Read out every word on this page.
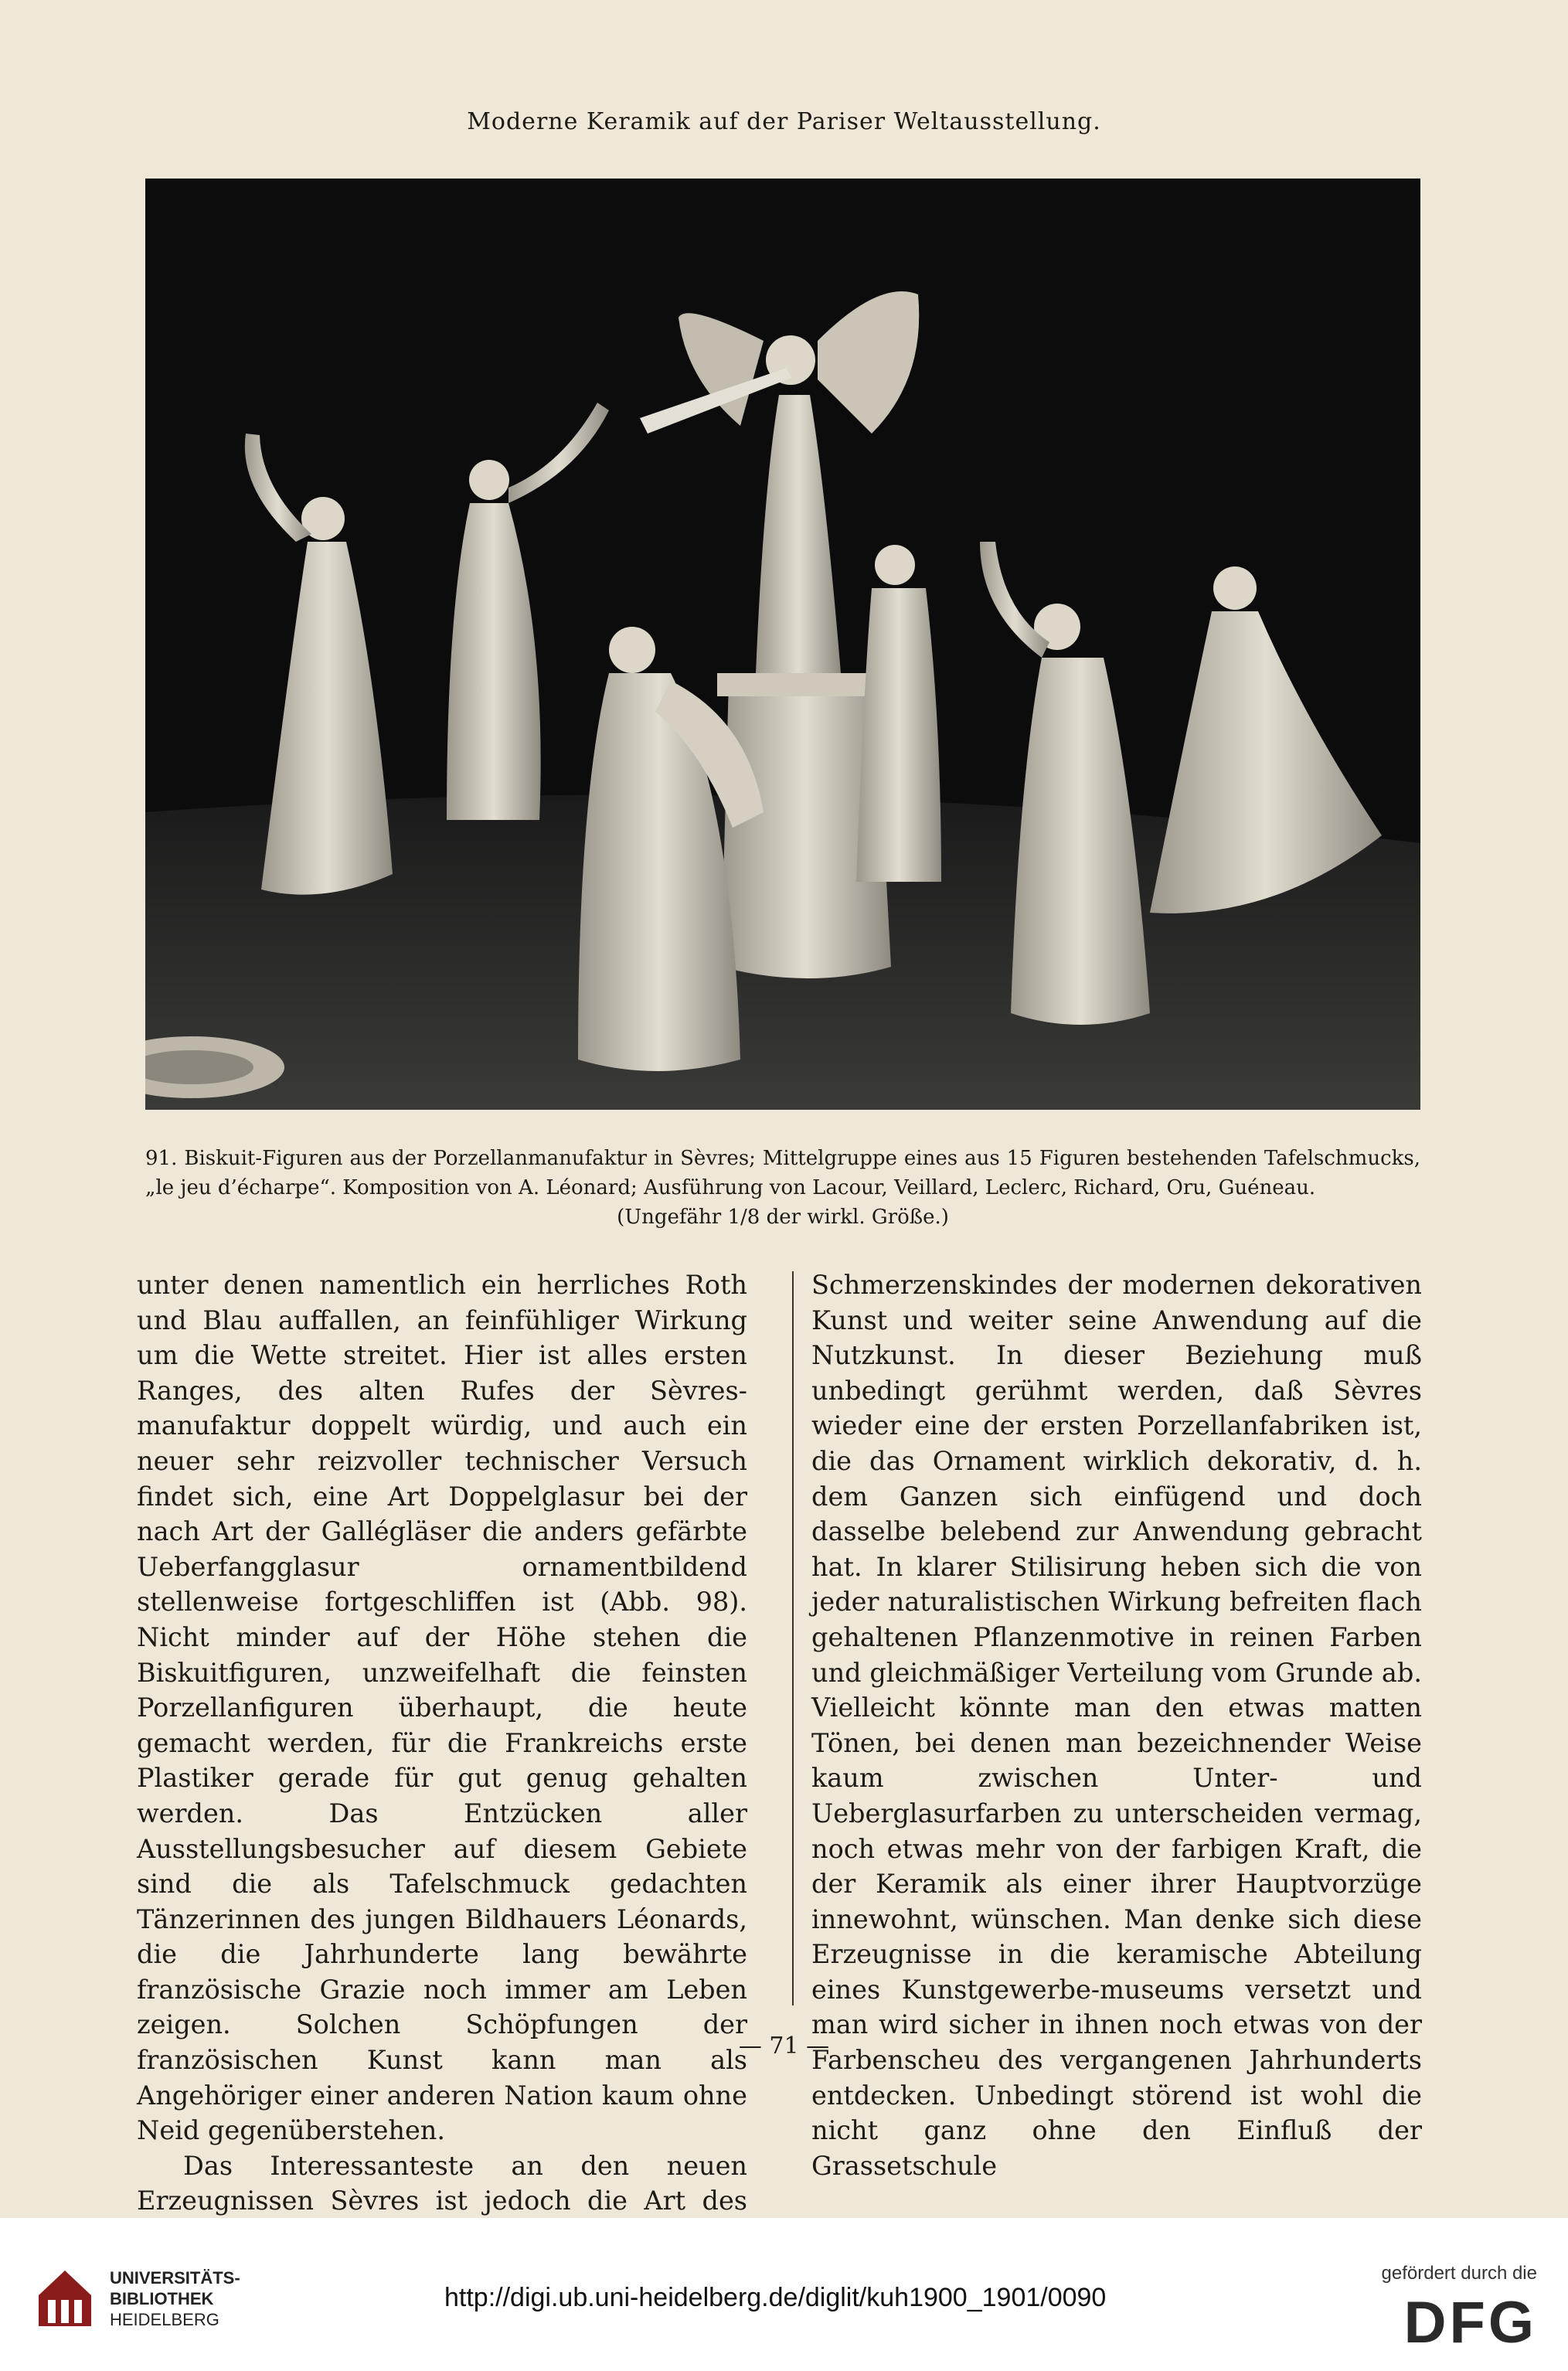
Moderne Keramik auf der Pariser Weltausstellung.
91. Biskuit-Figuren aus der Porzellanmanufaktur in Sèvres; Mittelgruppe eines aus 15 Figuren bestehenden Tafelschmucks, „le jeu d’écharpe“. Komposition von A. Léonard; Ausführung von Lacour, Veillard, Leclerc, Richard, Oru, Guéneau.
(Ungefähr 1/8 der wirkl. Größe.)

unter denen namentlich ein herrliches Roth und Blau auffallen, an feinfühliger Wirkung um die Wette streitet. Hier ist alles ersten Ranges, des alten Rufes der Sèvres-manufaktur doppelt würdig, und auch ein neuer sehr reizvoller technischer Versuch findet sich, eine Art Doppelglasur bei der nach Art der Gallégläser die anders gefärbte Ueberfangglasur ornamentbildend stellenweise fortgeschliffen ist (Abb. 98). Nicht minder auf der Höhe stehen die Biskuitfiguren, unzweifelhaft die feinsten Porzellanfiguren überhaupt, die heute gemacht werden, für die Frankreichs erste Plastiker gerade für gut genug gehalten werden. Das Entzücken aller Ausstellungsbesucher auf diesem Gebiete sind die als Tafelschmuck gedachten Tänzerinnen des jungen Bildhauers Léonards, die die Jahrhunderte lang bewährte französische Grazie noch immer am Leben zeigen. Solchen Schöpfungen der französischen Kunst kann man als Angehöriger einer anderen Nation kaum ohne Neid gegenüberstehen.

Das Interessanteste an den neuen Erzeugnissen Sèvres ist jedoch die Art des

Schmerzenskindes der modernen dekorativen Kunst und weiter seine Anwendung auf die Nutzkunst. In dieser Beziehung muß unbedingt gerühmt werden, daß Sèvres wieder eine der ersten Porzellanfabriken ist, die das Ornament wirklich dekorativ, d. h. dem Ganzen sich einfügend und doch dasselbe belebend zur Anwendung gebracht hat. In klarer Stilisirung heben sich die von jeder naturalistischen Wirkung befreiten flach gehaltenen Pflanzenmotive in reinen Farben und gleichmäßiger Verteilung vom Grunde ab. Vielleicht könnte man den etwas matten Tönen, bei denen man bezeichnender Weise kaum zwischen Unter- und Ueberglasurfarben zu unterscheiden vermag, noch etwas mehr von der farbigen Kraft, die der Keramik als einer ihrer Hauptvorzüge innewohnt, wünschen. Man denke sich diese Erzeugnisse in die keramische Abteilung eines Kunstgewerbe-museums versetzt und man wird sicher in ihnen noch etwas von der Farbenscheu des vergangenen Jahrhunderts entdecken. Unbedingt störend ist wohl die nicht ganz ohne den Einfluß der Grassetschule

— 71 —
UNIVERSITÄTS-
BIBLIOTHEK
HEIDELBERG
http://digi.ub.uni-heidelberg.de/diglit/kuh1900_1901/0090
gefördert durch die
DFG
